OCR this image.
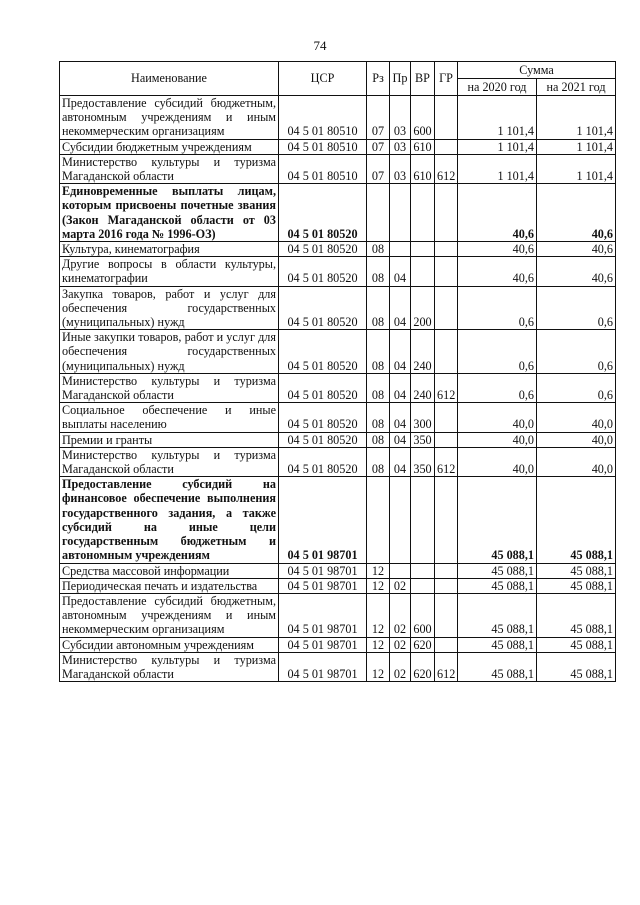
74
Наименование	ЦСР	Рз	Пр	ВР	ГР	Сумма	
						на 2020 год	на 2021 год
Предоставление субсидий бюджетным, автономным учреждениям и иным некоммерческим организациям	04 5 01 80510	07	03	600		1 101,4	1 101,4
Субсидии бюджетным учреждениям	04 5 01 80510	07	03	610		1 101,4	1 101,4
Министерство культуры и туризма Магаданской области	04 5 01 80510	07	03	610	612	1 101,4	1 101,4
Единовременные выплаты лицам, которым присвоены почетные звания (Закон Магаданской области от 03 марта 2016 года № 1996-ОЗ)	04 5 01 80520					40,6	40,6
Культура, кинематография	04 5 01 80520	08				40,6	40,6
Другие вопросы в области культуры, кинематографии	04 5 01 80520	08	04			40,6	40,6
Закупка товаров, работ и услуг для обеспечения государственных (муниципальных) нужд	04 5 01 80520	08	04	200		0,6	0,6
Иные закупки товаров, работ и услуг для обеспечения государственных (муниципальных) нужд	04 5 01 80520	08	04	240		0,6	0,6
Министерство культуры и туризма Магаданской области	04 5 01 80520	08	04	240	612	0,6	0,6
Социальное обеспечение и иные выплаты населению	04 5 01 80520	08	04	300		40,0	40,0
Премии и гранты	04 5 01 80520	08	04	350		40,0	40,0
Министерство культуры и туризма Магаданской области	04 5 01 80520	08	04	350	612	40,0	40,0
Предоставление субсидий на финансовое обеспечение выполнения государственного задания, а также субсидий на иные цели государственным бюджетным и автономным учреждениям	04 5 01 98701					45 088,1	45 088,1
Средства массовой информации	04 5 01 98701	12				45 088,1	45 088,1
Периодическая печать и издательства	04 5 01 98701	12	02			45 088,1	45 088,1
Предоставление субсидий бюджетным, автономным учреждениям и иным некоммерческим организациям	04 5 01 98701	12	02	600		45 088,1	45 088,1
Субсидии автономным учреждениям	04 5 01 98701	12	02	620		45 088,1	45 088,1
Министерство культуры и туризма Магаданской области	04 5 01 98701	12	02	620	612	45 088,1	45 088,1
